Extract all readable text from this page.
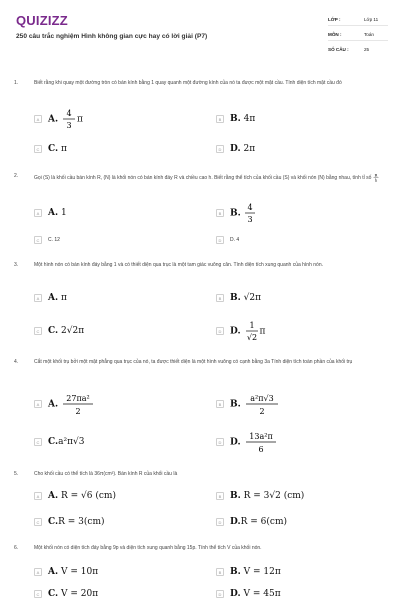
QUIZIZZ
250 câu trắc nghiệm Hình không gian cực hay có lời giải (P7)
LỚP :	Lớp 11
MÔN :	Toán
SỐ CÂU :	25
1.	Biết rằng khi quay một đường tròn có bán kính bằng 1 quay quanh một đường kính của nó ta được một mặt cầu. Tính diện tích mặt cầu đó
A A.
4
3
π	B B. 4π
C C. π	D D. 2π
2.	Gọi (S) là khối cầu bán kính R, (N) là khối nón có bán kính đáy R và chiều cao h. Biết rằng thể tích của khối cầu (S) và khối nón (N) bằng nhau, tính tỉ số R
h
A A. 1	B B.
4
3
C	C. 12	D	D. 4
3.	Một hình nón có bán kính đáy bằng 1 và có thiết diện qua trục là một tam giác vuông cân. Tính diện tích xung quanh của hình nón.
A A. π	B B. √2π
C C. 2√2π	D D.
1
√2
π
4.	Cắt một khối trụ bởi một mặt phẳng qua trục của nó, ta được thiết diện là một hình vuông có cạnh bằng 3a Tính diện tích toàn phần của khối trụ
A A.
27πa²
2
B B.
a²π√3
2
C C.a²π√3	D D.
13a²π
6
5.	Cho khối cầu có thể tích là 36π(cm³). Bán kính R của khối cầu là
A A. R = √6 (cm)	B B. R = 3√2 (cm)
C C.R = 3(cm)	D D.R = 6(cm)
6.	Một khối nón có diện tích đáy bằng 9p và diện tích xung quanh bằng 15p. Tính thể tích V của khối nón.
A A. V = 10π	B B. V = 12π
C C. V = 20π	D D. V = 45π
